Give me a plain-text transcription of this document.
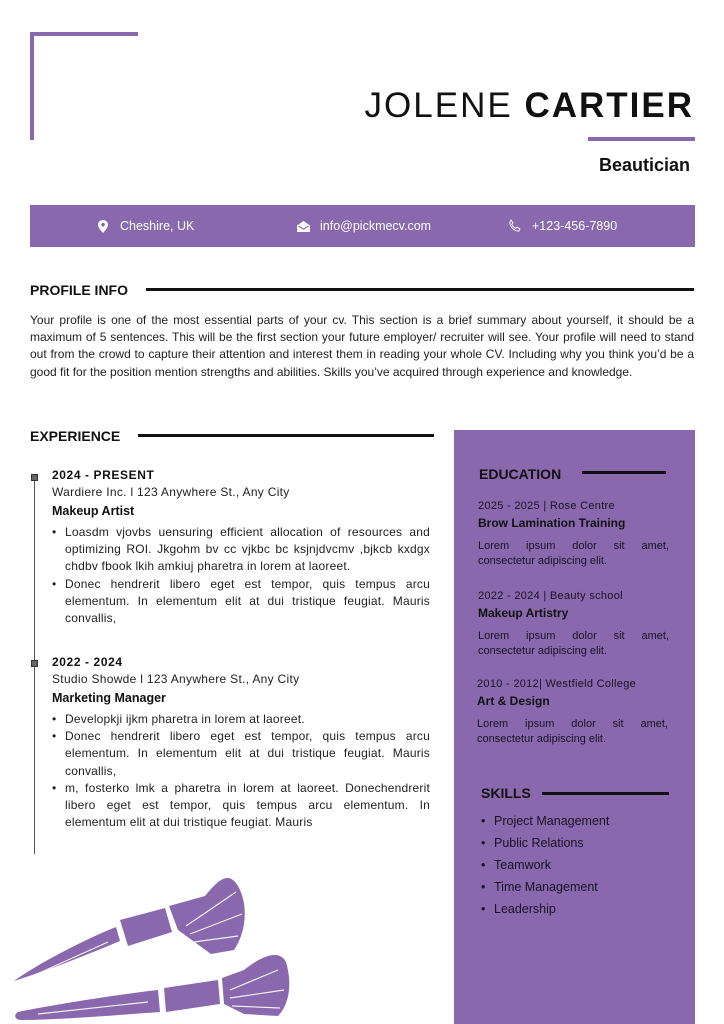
JOLENE CARTIER
Beautician
Cheshire, UK	info@pickmecv.com	+123-456-7890
PROFILE INFO

Your profile is one of the most essential parts of your cv. This section is a brief summary about yourself, it should be a maximum of 5 sentences. This will be the first section your future employer/ recruiter will see. Your profile will need to stand out from the crowd to capture their attention and interest them in reading your whole CV. Including why you think you’d be a good fit for the position mention strengths and abilities. Skills you’ve acquired through experience and knowledge.

EXPERIENCE
2024 - PRESENT
Wardiere Inc. l 123 Anywhere St., Any City
Makeup Artist
• Loasdm vjovbs uensuring efficient allocation of resources and optimizing ROI. Jkgohm bv cc vjkbc bc ksjnjdvcmv ,bjkcb kxdgx chdbv fbook lkih amkiuj pharetra in lorem at laoreet.
• Donec hendrerit libero eget est tempor, quis tempus arcu elementum. In elementum elit at dui tristique feugiat. Mauris convallis,
2022 - 2024
Studio Showde l 123 Anywhere St., Any City
Marketing Manager
• Developkji ijkm pharetra in lorem at laoreet.
• Donec hendrerit libero eget est tempor, quis tempus arcu elementum. In elementum elit at dui tristique feugiat. Mauris convallis,
• m, fosterko lmk a pharetra in lorem at laoreet. Donechendrerit libero eget est tempor, quis tempus arcu elementum. In elementum elit at dui tristique feugiat. Mauris
EDUCATION
2025 - 2025 | Rose Centre
Brow Lamination Training
Lorem ipsum dolor sit amet,
consectetur adipiscing elit.
2022 - 2024 | Beauty school
Makeup Artistry
Lorem ipsum dolor sit amet,
consectetur adipiscing elit.
2010 - 2012| Westfield College
Art & Design
Lorem ipsum dolor sit amet,
consectetur adipiscing elit.
SKILLS
• Project Management
• Public Relations
• Teamwork
• Time Management
• Leadership
